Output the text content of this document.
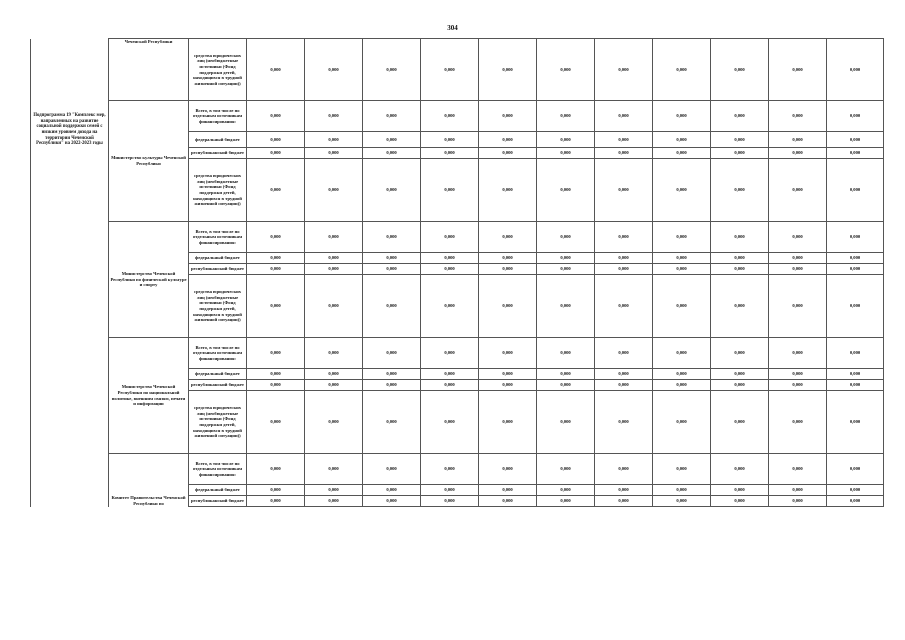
304
Подпрограмма 19 "Комплекс мер, направленных на развитие социальной поддержки семей с низким уровнем дохода на территории Чеченской Республики" на 2022-2023 годы	Чеченской Республики	средства юридических лиц (необюджетные источники (Фонд поддержки детей, находящихся в трудной жизненной ситуации))	0,000	0,000	0,000	0,000	0,000	0,000	0,000	0,000	0,000	0,000	0,000
	Министерство культуры Чеченской Республики	Всего, в том числе по отдельным источникам финансирования:	0,000	0,000	0,000	0,000	0,000	0,000	0,000	0,000	0,000	0,000	0,000
		федеральный бюджет	0,000	0,000	0,000	0,000	0,000	0,000	0,000	0,000	0,000	0,000	0,000
		республиканский бюджет	0,000	0,000	0,000	0,000	0,000	0,000	0,000	0,000	0,000	0,000	0,000
		средства юридических лиц (необюджетные источники (Фонд поддержки детей, находящихся в трудной жизненной ситуации))	0,000	0,000	0,000	0,000	0,000	0,000	0,000	0,000	0,000	0,000	0,000
	Министерство Чеченской Республики по физической культуре и спорту	Всего, в том числе по отдельным источникам финансирования:	0,000	0,000	0,000	0,000	0,000	0,000	0,000	0,000	0,000	0,000	0,000
		федеральный бюджет	0,000	0,000	0,000	0,000	0,000	0,000	0,000	0,000	0,000	0,000	0,000
		республиканский бюджет	0,000	0,000	0,000	0,000	0,000	0,000	0,000	0,000	0,000	0,000	0,000
		средства юридических лиц (необюджетные источники (Фонд поддержки детей, находящихся в трудной жизненной ситуации))	0,000	0,000	0,000	0,000	0,000	0,000	0,000	0,000	0,000	0,000	0,000
	Министерство Чеченской Республики по национальной политике, внешним связям, печати и информации	Всего, в том числе по отдельным источникам финансирования:	0,000	0,000	0,000	0,000	0,000	0,000	0,000	0,000	0,000	0,000	0,000
		федеральный бюджет	0,000	0,000	0,000	0,000	0,000	0,000	0,000	0,000	0,000	0,000	0,000
		республиканский бюджет	0,000	0,000	0,000	0,000	0,000	0,000	0,000	0,000	0,000	0,000	0,000
		средства юридических лиц (необюджетные источники (Фонд поддержки детей, находящихся в трудной жизненной ситуации))	0,000	0,000	0,000	0,000	0,000	0,000	0,000	0,000	0,000	0,000	0,000
	Комитет Правительства Чеченской Республики по	Всего, в том числе по отдельным источникам финансирования:	0,000	0,000	0,000	0,000	0,000	0,000	0,000	0,000	0,000	0,000	0,000
		федеральный бюджет	0,000	0,000	0,000	0,000	0,000	0,000	0,000	0,000	0,000	0,000	0,000
		республиканский бюджет	0,000	0,000	0,000	0,000	0,000	0,000	0,000	0,000	0,000	0,000	0,000
